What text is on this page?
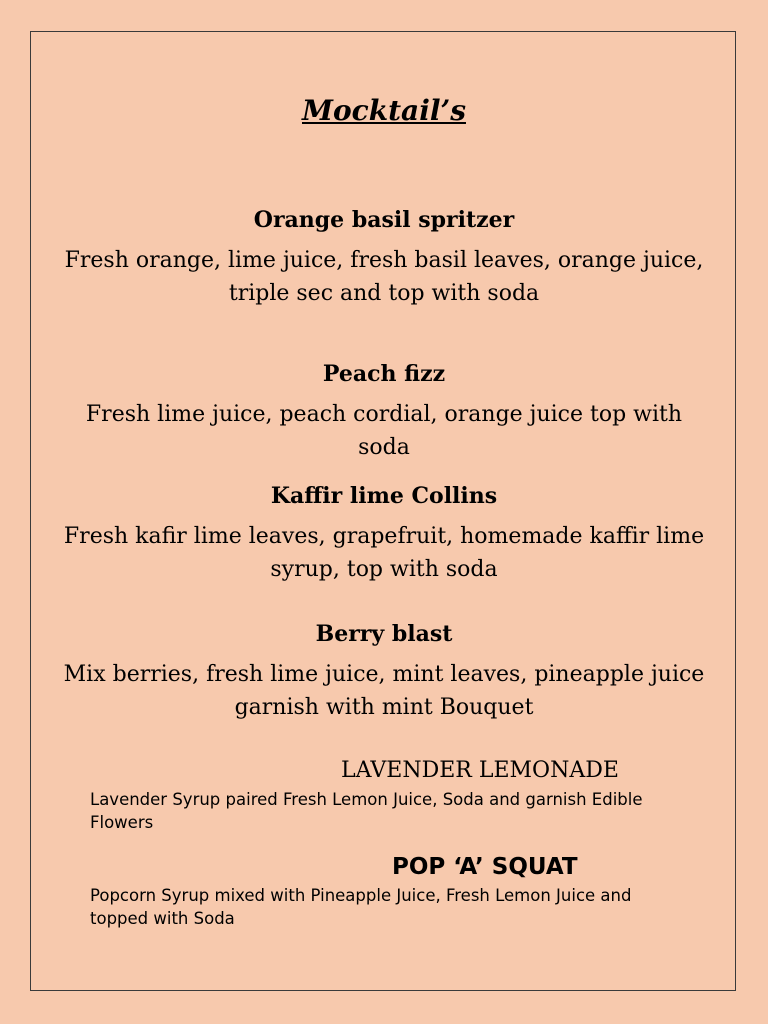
Mocktail’s

Orange basil spritzer

Fresh orange, lime juice, fresh basil leaves, orange juice, triple sec and top with soda

Peach fizz

Fresh lime juice, peach cordial, orange juice top with soda

Kaffir lime Collins

Fresh kafir lime leaves, grapefruit, homemade kaffir lime syrup, top with soda

Berry blast

Mix berries, fresh lime juice, mint leaves, pineapple juice garnish with mint Bouquet

LAVENDER LEMONADE

Lavender Syrup paired Fresh Lemon Juice, Soda and garnish Edible Flowers

POP ‘A’ SQUAT

Popcorn Syrup mixed with Pineapple Juice, Fresh Lemon Juice and topped with Soda
